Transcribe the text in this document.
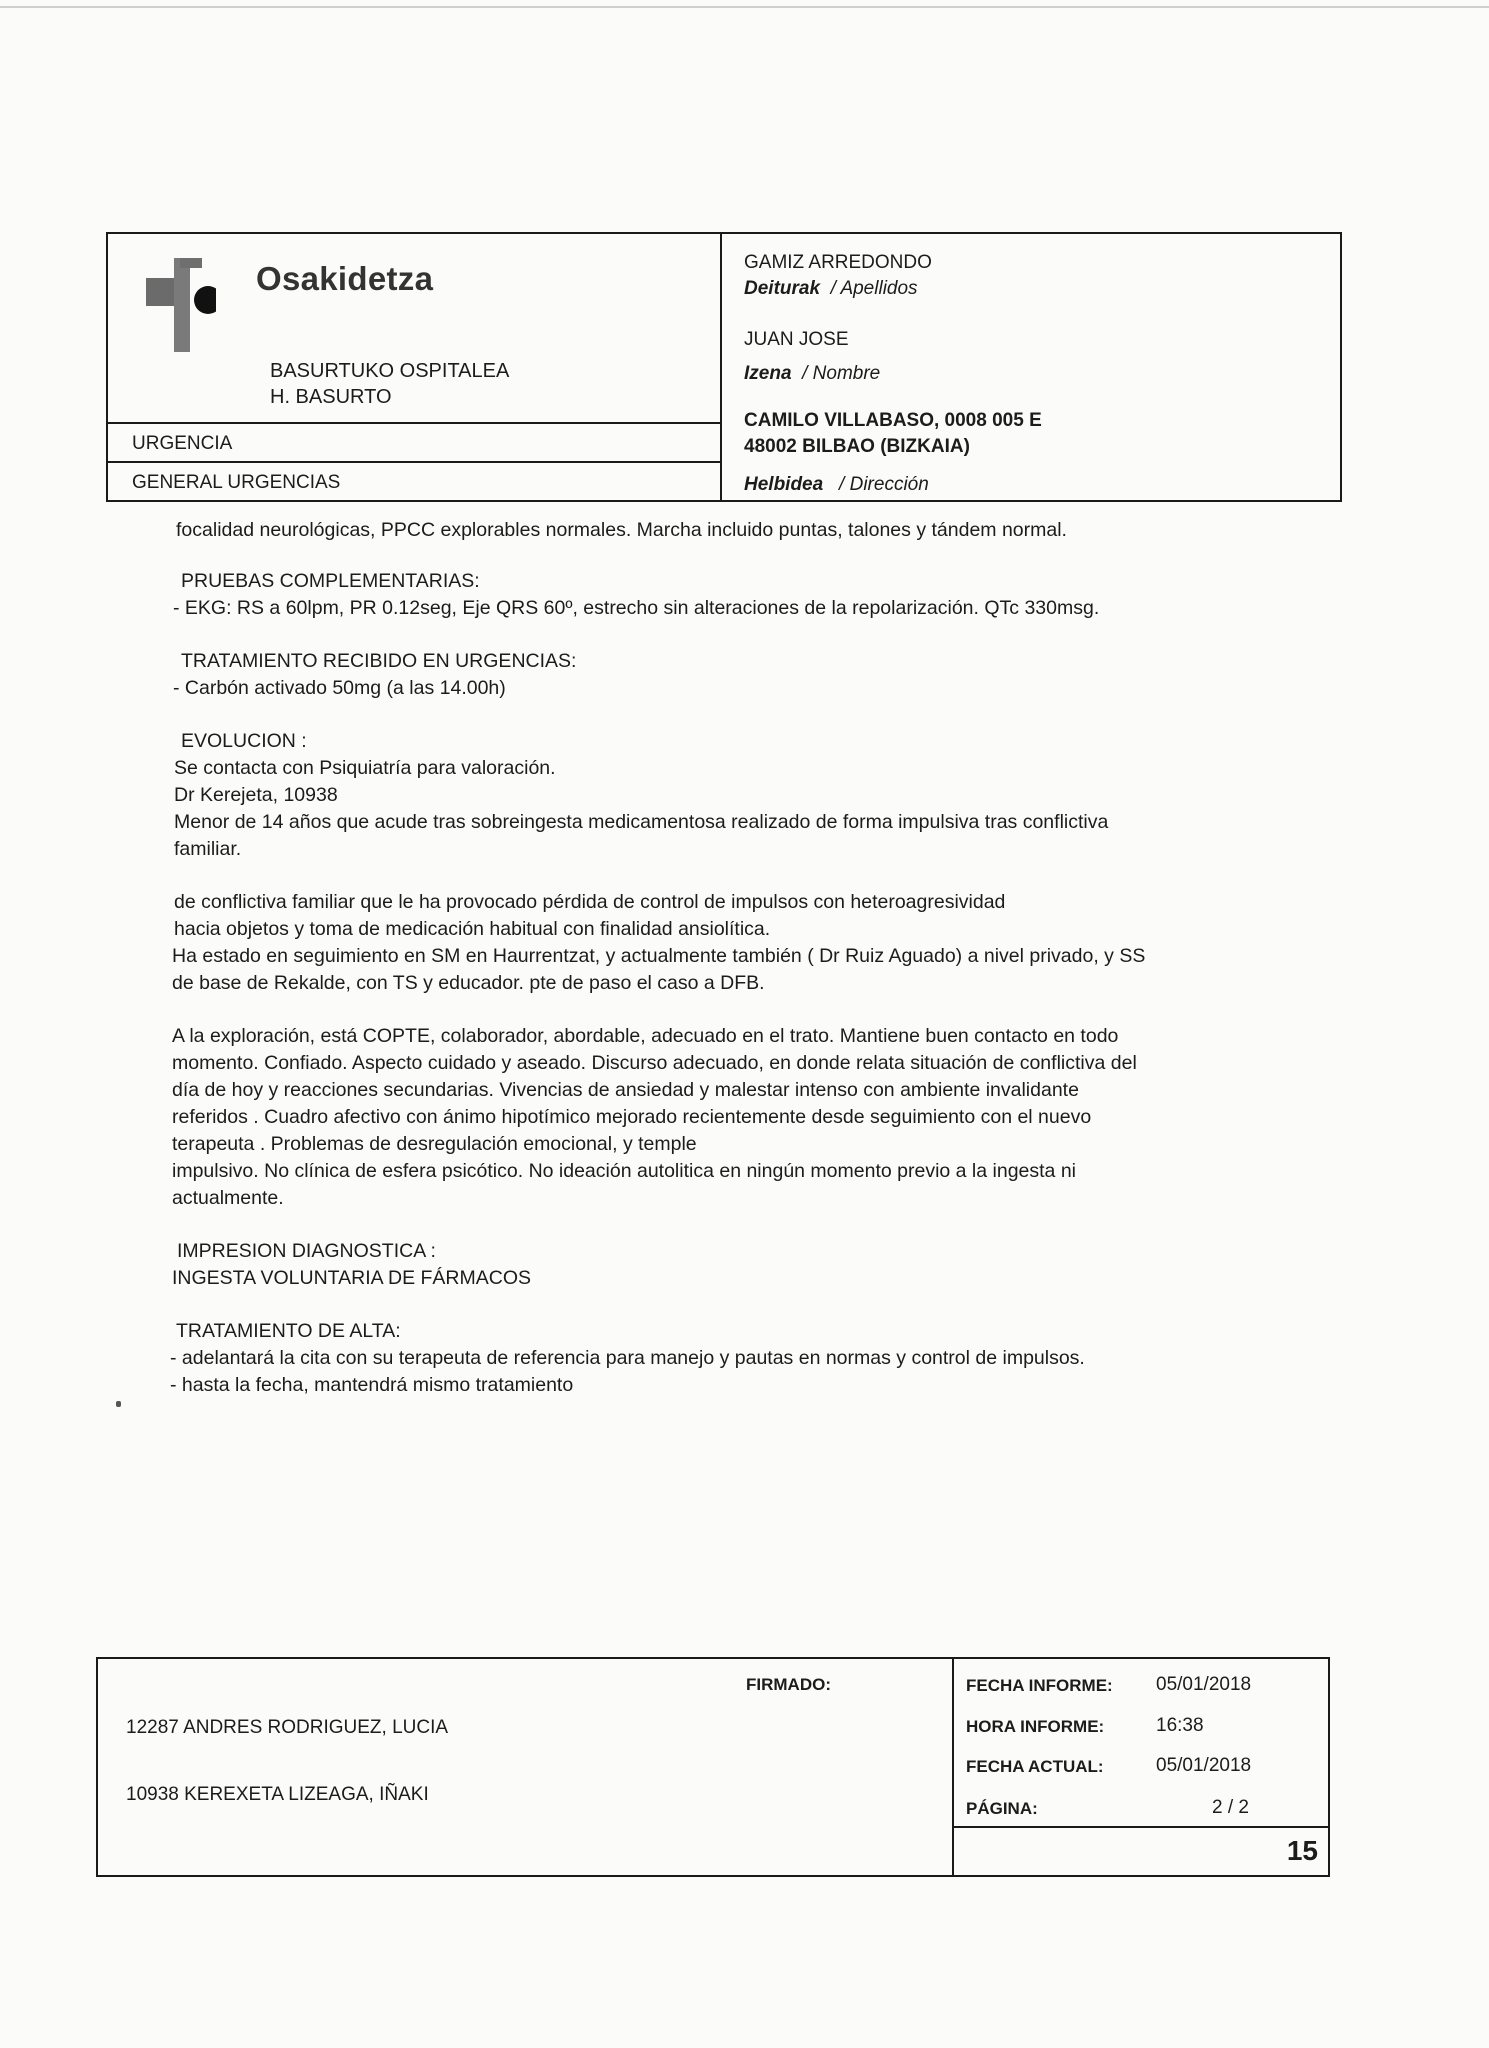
Osakidetza
BASURTUKO OSPITALEA
H. BASURTO
URGENCIA
GENERAL URGENCIAS
GAMIZ ARREDONDO
Deiturak / Apellidos
JUAN JOSE
Izena / Nombre
CAMILO VILLABASO, 0008 005 E
48002 BILBAO (BIZKAIA)
Helbidea / Dirección
focalidad neurológicas, PPCC explorables normales. Marcha incluido puntas, talones y tándem normal.
PRUEBAS COMPLEMENTARIAS:
- EKG: RS a 60lpm, PR 0.12seg, Eje QRS 60º, estrecho sin alteraciones de la repolarización. QTc 330msg.
TRATAMIENTO RECIBIDO EN URGENCIAS:
- Carbón activado 50mg (a las 14.00h)
EVOLUCION :
Se contacta con Psiquiatría para valoración.
Dr Kerejeta, 10938
Menor de 14 años que acude tras sobreingesta medicamentosa realizado de forma impulsiva tras conflictiva
familiar.
de conflictiva familiar que le ha provocado pérdida de control de impulsos con heteroagresividad
hacia objetos y toma de medicación habitual con finalidad ansiolítica.
Ha estado en seguimiento en SM en Haurrentzat, y actualmente también ( Dr Ruiz Aguado) a nivel privado, y SS
de base de Rekalde, con TS y educador. pte de paso el caso a DFB.
A la exploración, está COPTE, colaborador, abordable, adecuado en el trato. Mantiene buen contacto en todo
momento. Confiado. Aspecto cuidado y aseado. Discurso adecuado, en donde relata situación de conflictiva del
día de hoy y reacciones secundarias. Vivencias de ansiedad y malestar intenso con ambiente invalidante
referidos . Cuadro afectivo con ánimo hipotímico mejorado recientemente desde seguimiento con el nuevo
terapeuta . Problemas de desregulación emocional, y temple
impulsivo. No clínica de esfera psicótico. No ideación autolitica en ningún momento previo a la ingesta ni
actualmente.
IMPRESION DIAGNOSTICA :
INGESTA VOLUNTARIA DE FÁRMACOS
TRATAMIENTO DE ALTA:
- adelantará la cita con su terapeuta de referencia para manejo y pautas en normas y control de impulsos.
- hasta la fecha, mantendrá mismo tratamiento
FIRMADO:
12287 ANDRES RODRIGUEZ, LUCIA
10938 KEREXETA LIZEAGA, IÑAKI
FECHA INFORME: 05/01/2018
HORA INFORME:	16:38
FECHA ACTUAL:	05/01/2018
PÁGINA:	2 / 2
15
